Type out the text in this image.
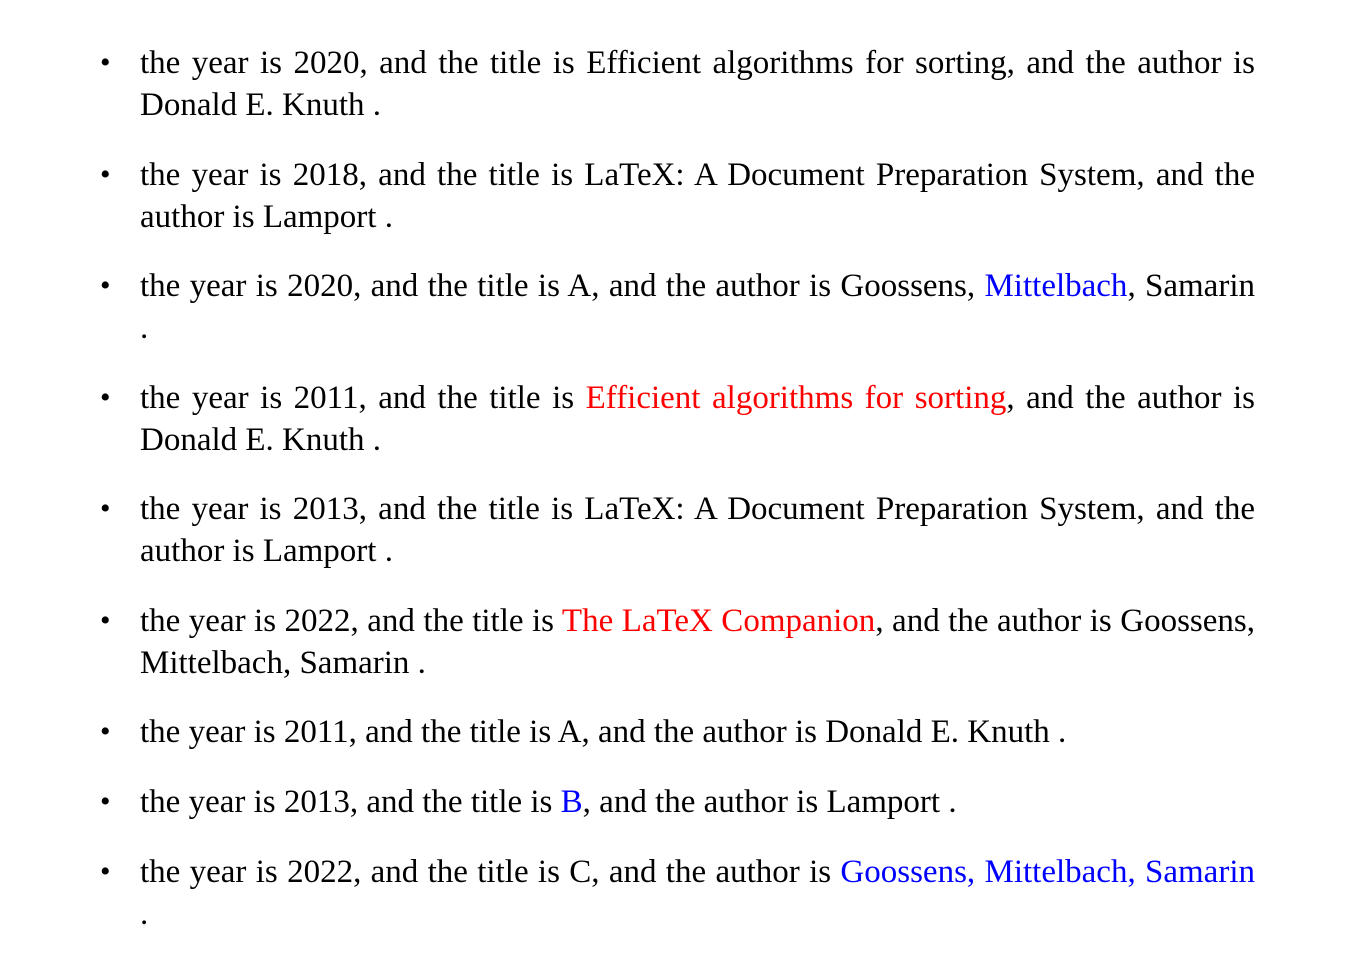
• the year is 2020, and the title is Efficient algorithms for sorting, and the author is Donald E. Knuth .
• the year is 2018, and the title is LaTeX: A Document Preparation System, and the author is Lamport .
• the year is 2020, and the title is A, and the author is Goossens, Mittelbach, Samarin .
• the year is 2011, and the title is Efficient algorithms for sorting, and the author is Donald E. Knuth .
• the year is 2013, and the title is LaTeX: A Document Preparation System, and the author is Lamport .
• the year is 2022, and the title is The LaTeX Companion, and the author is Goossens, Mittelbach, Samarin .
• the year is 2011, and the title is A, and the author is Donald E. Knuth .
• the year is 2013, and the title is B, and the author is Lamport .
• the year is 2022, and the title is C, and the author is Goossens, Mittelbach, Samarin .
